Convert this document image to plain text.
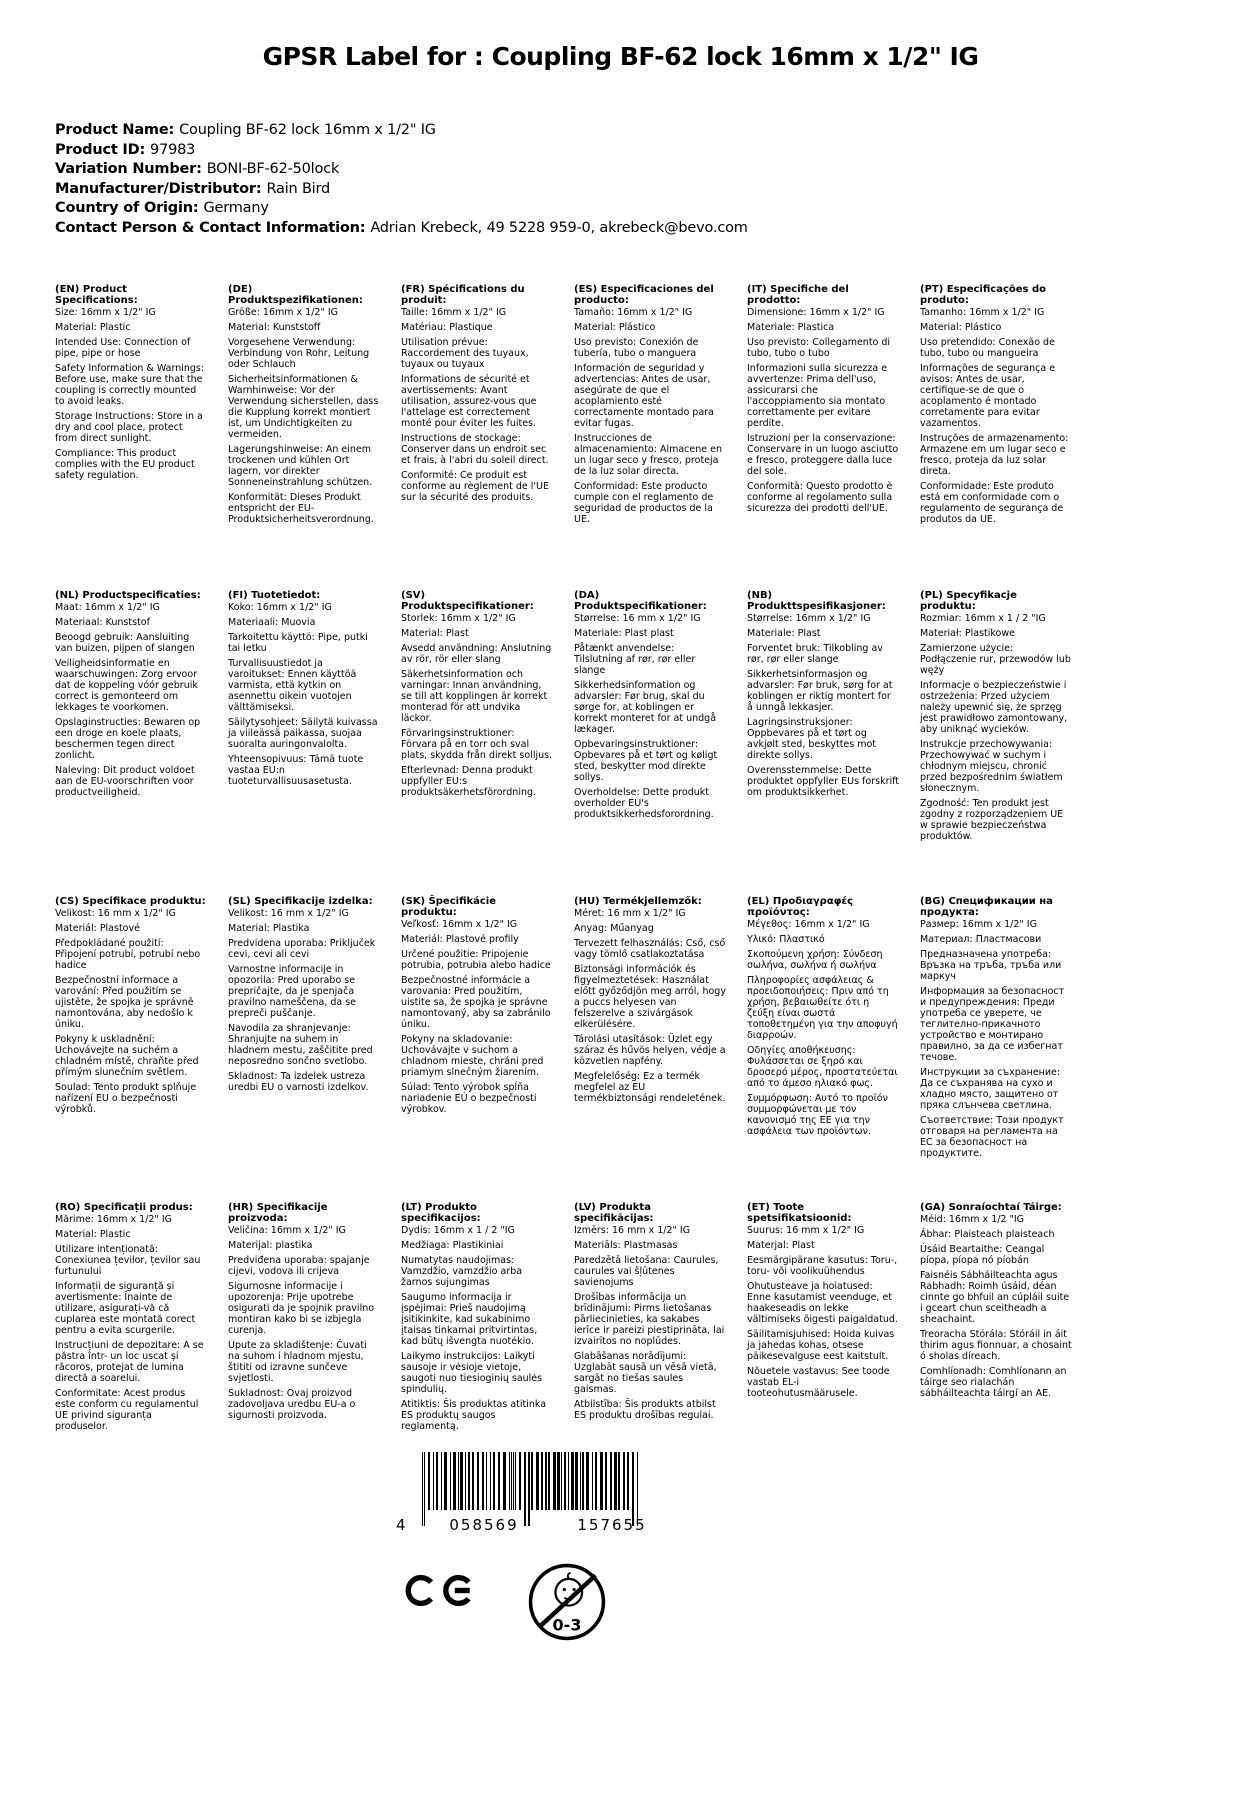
GPSR Label for : Coupling BF-62 lock 16mm x 1/2" IG
Product Name: Coupling BF-62 lock 16mm x 1/2" IG
Product ID: 97983
Variation Number: BONI-BF-62-50lock
Manufacturer/Distributor: Rain Bird
Country of Origin: Germany
Contact Person & Contact Information: Adrian Krebeck, 49 5228 959-0, akrebeck@bevo.com
(EN) Product Specifications:
Size: 16mm x 1/2" IG
Material: Plastic
Intended Use: Connection of pipe, pipe or hose
Safety Information & Warnings: Before use, make sure that the coupling is correctly mounted to avoid leaks.
Storage Instructions: Store in a dry and cool place, protect from direct sunlight.
Compliance: This product complies with the EU product safety regulation.
(DE) Produktspezifikationen:
Größe: 16mm x 1/2" IG
Material: Kunststoff
Vorgesehene Verwendung: Verbindung von Rohr, Leitung oder Schlauch
Sicherheitsinformationen & Warnhinweise: Vor der Verwendung sicherstellen, dass die Kupplung korrekt montiert ist, um Undichtigkeiten zu vermeiden.
Lagerungshinweise: An einem trockenen und kühlen Ort lagern, vor direkter Sonneneinstrahlung schützen.
Konformität: Dieses Produkt entspricht der EU-Produktsicherheitsverordnung.
(FR) Spécifications du produit:
Taille: 16mm x 1/2" IG
Matériau: Plastique
Utilisation prévue: Raccordement des tuyaux, tuyaux ou tuyaux
Informations de sécurité et avertissements: Avant utilisation, assurez-vous que l'attelage est correctement monté pour éviter les fuites.
Instructions de stockage: Conserver dans un endroit sec et frais, à l'abri du soleil direct.
Conformité: Ce produit est conforme au règlement de l'UE sur la sécurité des produits.
(ES) Especificaciones del producto:
Tamaño: 16mm x 1/2" IG
Material: Plástico
Uso previsto: Conexión de tubería, tubo o manguera
Información de seguridad y advertencias: Antes de usar, asegúrate de que el acoplamiento esté correctamente montado para evitar fugas.
Instrucciones de almacenamiento: Almacene en un lugar seco y fresco, proteja de la luz solar directa.
Conformidad: Este producto cumple con el reglamento de seguridad de productos de la UE.
(IT) Specifiche del prodotto:
Dimensione: 16mm x 1/2" IG
Materiale: Plastica
Uso previsto: Collegamento di tubo, tubo o tubo
Informazioni sulla sicurezza e avvertenze: Prima dell'uso, assicurarsi che l'accoppiamento sia montato correttamente per evitare perdite.
Istruzioni per la conservazione: Conservare in un luogo asciutto e fresco, proteggere dalla luce del sole.
Conformità: Questo prodotto è conforme al regolamento sulla sicurezza dei prodotti dell'UE.
(PT) Especificações do produto:
Tamanho: 16mm x 1/2" IG
Material: Plástico
Uso pretendido: Conexão de tubo, tubo ou mangueira
Informações de segurança e avisos: Antes de usar, certifique-se de que o acoplamento é montado corretamente para evitar vazamentos.
Instruções de armazenamento: Armazene em um lugar seco e fresco, proteja da luz solar direta.
Conformidade: Este produto está em conformidade com o regulamento de segurança de produtos da UE.
(NL) Productspecificaties:
Maat: 16mm x 1/2" IG
Materiaal: Kunststof
Beoogd gebruik: Aansluiting van buizen, pijpen of slangen
Veiligheidsinformatie en waarschuwingen: Zorg ervoor dat de koppeling vóór gebruik correct is gemonteerd om lekkages te voorkomen.
Opslaginstructies: Bewaren op een droge en koele plaats, beschermen tegen direct zonlicht.
Naleving: Dit product voldoet aan de EU-voorschriften voor productveiligheid.
(FI) Tuotetiedot:
Koko: 16mm x 1/2" IG
Materiaali: Muovia
Tarkoitettu käyttö: Pipe, putki tai letku
Turvallisuustiedot ja varoitukset: Ennen käyttöä varmista, että kytkin on asennettu oikein vuotojen välttämiseksi.
Säilytysohjeet: Säilytä kuivassa ja viileässä paikassa, suojaa suoralta auringonvalolta.
Yhteensopivuus: Tämä tuote vastaa EU:n tuoteturvallisuusasetusta.
(SV) Produktspecifikationer:
Storlek: 16mm x 1/2" IG
Material: Plast
Avsedd användning: Anslutning av rör, rör eller slang
Säkerhetsinformation och varningar: Innan användning, se till att kopplingen är korrekt monterad för att undvika läckor.
Förvaringsinstruktioner: Förvara på en torr och sval plats, skydda från direkt solljus.
Efterlevnad: Denna produkt uppfyller EU:s produktsäkerhetsförordning.
(DA) Produktspecifikationer:
Størrelse: 16 mm x 1/2" IG
Materiale: Plast plast
Påtænkt anvendelse: Tilslutning af rør, rør eller slange
Sikkerhedsinformation og advarsler: Før brug, skal du sørge for, at koblingen er korrekt monteret for at undgå lækager.
Opbevaringsinstruktioner: Opbevares på et tørt og køligt sted, beskytter mod direkte sollys.
Overholdelse: Dette produkt overholder EU's produktsikkerhedsforordning.
(NB) Produkttspesifikasjoner:
Størrelse: 16mm x 1/2" IG
Materiale: Plast
Forventet bruk: Tilkobling av rør, rør eller slange
Sikkerhetsinformasjon og advarsler: Før bruk, sørg for at koblingen er riktig montert for å unngå lekkasjer.
Lagringsinstruksjoner: Oppbevares på et tørt og avkjølt sted, beskyttes mot direkte sollys.
Overensstemmelse: Dette produktet oppfyller EUs forskrift om produktsikkerhet.
(PL) Specyfikacje produktu:
Rozmiar: 16mm x 1 / 2 "IG
Materiał: Plastikowe
Zamierzone użycie: Podłączenie rur, przewodów lub węży
Informacje o bezpieczeństwie i ostrzeżenia: Przed użyciem należy upewnić się, że sprzęg jest prawidłowo zamontowany, aby uniknąć wycieków.
Instrukcje przechowywania: Przechowywać w suchym i chłodnym miejscu, chronić przed bezpośrednim światłem słonecznym.
Zgodność: Ten produkt jest zgodny z rozporządzeniem UE w sprawie bezpieczeństwa produktów.
(CS) Specifikace produktu:
Velikost: 16 mm x 1/2" IG
Materiál: Plastové
Předpokládané použití: Připojení potrubí, potrubí nebo hadice
Bezpečnostní informace a varování: Před použitím se ujistěte, že spojka je správně namontována, aby nedošlo k úniku.
Pokyny k uskladnění: Uchovávejte na suchém a chladném místě, chraňte před přímým slunečním světlem.
Soulad: Tento produkt splňuje nařízení EU o bezpečnosti výrobků.
(SL) Specifikacije izdelka:
Velikost: 16 mm x 1/2" IG
Material: Plastika
Predvidena uporaba: Priključek cevi, cevi ali cevi
Varnostne informacije in opozorila: Pred uporabo se prepričajte, da je spenjača pravilno nameščena, da se prepreči puščanje.
Navodila za shranjevanje: Shranjujte na suhem in hladnem mestu, zaščitite pred neposredno sončno svetlobo.
Skladnost: Ta izdelek ustreza uredbi EU o varnosti izdelkov.
(SK) Špecifikácie produktu:
Veľkosť: 16mm x 1/2" IG
Materiál: Plastové profily
Určené použitie: Pripojenie potrubia, potrubia alebo hadice
Bezpečnostné informácie a varovania: Pred použitím, uistite sa, že spojka je správne namontovaný, aby sa zabránilo úniku.
Pokyny na skladovanie: Uchovávajte v suchom a chladnom mieste, chráni pred priamym slnečným žiarením.
Súlad: Tento výrobok spĺňa nariadenie EÚ o bezpečnosti výrobkov.
(HU) Termékjellemzők:
Méret: 16 mm x 1/2" IG
Anyag: Műanyag
Tervezett felhasználás: Cső, cső vagy tömlő csatlakoztatása
Biztonsági információk és figyelmeztetések: Használat előtt győződjön meg arról, hogy a puccs helyesen van felszerelve a szivárgások elkerülésére.
Tárolási utasítások: Üzlet egy száraz és hűvös helyen, védje a közvetlen napfény.
Megfelelőség: Ez a termék megfelel az EU termékbiztonsági rendeletének.
(EL) Προδιαγραφές προϊόντος:
Μέγεθος: 16mm x 1/2" IG
Υλικό: Πλαστικό
Σκοπούμενη χρήση: Σύνδεση σωλήνα, σωλήνα ή σωλήνα
Πληροφορίες ασφάλειας & προειδοποιήσεις: Πριν από τη χρήση, βεβαιωθείτε ότι η ζεύξη είναι σωστά τοποθετημένη για την αποφυγή διαρροών.
Οδηγίες αποθήκευσης: Φυλάσσεται σε ξηρό και δροσερό μέρος, προστατεύεται από το άμεσο ηλιακό φως.
Συμμόρφωση: Αυτό το προϊόν συμμορφώνεται με τον κανονισμό της ΕΕ για την ασφάλεια των προϊόντων.
(BG) Спецификации на продукта:
Размер: 16mm x 1/2" IG
Материал: Пластмасови
Предназначена употреба: Връзка на тръба, тръба или маркуч
Информация за безопасност и предупреждения: Преди употреба се уверете, че теглително-прикачното устройство е монтирано правилно, за да се избегнат течове.
Инструкции за съхранение: Да се съхранява на сухо и хладно място, защитено от пряка слънчева светлина.
Съответствие: Този продукт отговаря на регламента на ЕС за безопасност на продуктите.
(RO) Specificații produs:
Mărime: 16mm x 1/2" IG
Material: Plastic
Utilizare intenționată: Conexiunea țevilor, țevilor sau furtunului
Informații de siguranță și avertismente: Înainte de utilizare, asigurați-vă că cuplarea este montată corect pentru a evita scurgerile.
Instrucțiuni de depozitare: A se păstra într- un loc uscat și răcoros, protejat de lumina directă a soarelui.
Conformitate: Acest produs este conform cu regulamentul UE privind siguranța produselor.
(HR) Specifikacije proizvoda:
Veličina: 16mm x 1/2" IG
Materijal: plastika
Predviđena uporaba: spajanje cijevi, vodova ili crijeva
Sigurnosne informacije i upozorenja: Prije upotrebe osigurati da je spojnik pravilno montiran kako bi se izbjegla curenja.
Upute za skladištenje: Čuvati na suhom i hladnom mjestu, štititi od izravne sunčeve svjetlosti.
Sukladnost: Ovaj proizvod zadovoljava uredbu EU-a o sigurnosti proizvoda.
(LT) Produkto specifikacijos:
Dydis: 16mm x 1 / 2 "IG
Medžiaga: Plastikiniai
Numatytas naudojimas: Vamzdžio, vamzdžio arba žarnos sujungimas
Saugumo informacija ir įspėjimai: Prieš naudojimą įsitikinkite, kad sukabinimo įtaisas tinkamai pritvirtintas, kad būtų išvengta nuotėkio.
Laikymo instrukcijos: Laikyti sausoje ir vėsioje vietoje, saugoti nuo tiesioginių saulės spindulių.
Atitiktis: Šis produktas atitinka ES produktų saugos reglamentą.
(LV) Produkta specifikācijas:
Izmērs: 16 mm x 1/2" IG
Materiāls: Plastmasas
Paredzētā lietošana: Caurules, caurules vai šļūtenes savienojums
Drošības informācija un brīdinājumi: Pirms lietošanas pārliecinieties, ka sakabes ierīce ir pareizi piestiprināta, lai izvairītos no noplūdes.
Glabāšanas norādījumi: Uzglabāt sausā un vēsā vietā, sargāt no tiešas saules gaismas.
Atbilstība: Šis produkts atbilst ES produktu drošības regulai.
(ET) Toote spetsifikatsioonid:
Suurus: 16 mm x 1/2" IG
Materjal: Plast
Eesmärgipärane kasutus: Toru-, toru- või voolikuühendus
Ohutusteave ja hoiatused: Enne kasutamist veenduge, et haakeseadis on lekke vältimiseks õigesti paigaldatud.
Säilitamisjuhised: Hoida kuivas ja jahedas kohas, otsese päikesevalguse eest kaitstult.
Nõuetele vastavus: See toode vastab EL-i tooteohutusmäärusele.
(GA) Sonraíochtaí Táirge:
Méid: 16mm x 1/2 "IG
Ábhar: Plaisteach plaisteach
Úsáid Beartaithe: Ceangal píopa, píopa nó píobán
Faisnéis Sábháilteachta agus Rabhadh: Roimh úsáid, déan cinnte go bhfuil an cúpláil suite i gceart chun sceitheadh a sheachaint.
Treoracha Stórála: Stóráil in áit thirim agus fionnuar, a chosaint ó sholas díreach.
Comhlíonadh: Comhlíonann an táirge seo rialachán sábháilteachta táirgí an AE.
4	058569	157655
0-3
